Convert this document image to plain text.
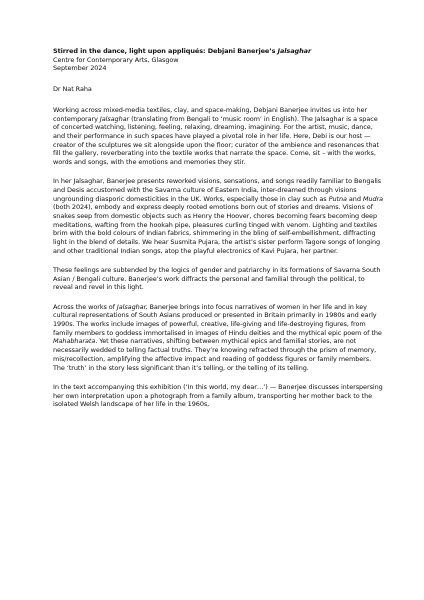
Stirred in the dance, light upon appliqués: Debjani Banerjee’s Jalsaghar
Centre for Contemporary Arts, Glasgow
September 2024
Dr Nat Raha

Working across mixed-media textiles, clay, and space-making, Debjani Banerjee invites us into her contemporary Jalsaghar (translating from Bengali to ‘music room’ in English). The Jalsaghar is a space of concerted watching, listening, feeling, relaxing, dreaming, imagining. For the artist, music, dance, and their performance in such spaces have played a pivotal role in her life. Here, Debi is our host — creator of the sculptures we sit alongside upon the floor; curator of the ambience and resonances that fill the gallery, reverberating into the textile works that narrate the space. Come, sit – with the works, words and songs, with the emotions and memories they stir.

In her Jalsaghar, Banerjee presents reworked visions, sensations, and songs readily familiar to Bengalis and Desis accustomed with the Savarna culture of Eastern India, inter-dreamed through visions ungrounding diasporic domesticities in the UK. Works, especially those in clay such as Putna and Mudra (both 2024), embody and express deeply rooted emotions born out of stories and dreams. Visions of snakes seep from domestic objects such as Henry the Hoover, chores becoming fears becoming deep meditations, wafting from the hookah pipe, pleasures curling tinged with venom. Lighting and textiles brim with the bold colours of Indian fabrics, shimmering in the bling of self-embellishment, diffracting light in the blend of details. We hear Susmita Pujara, the artist’s sister perform Tagore songs of longing and other traditional Indian songs, atop the playful electronics of Kavi Pujara, her partner.

These feelings are subtended by the logics of gender and patriarchy in its formations of Savarna South Asian / Bengali culture. Banerjee’s work diffracts the personal and familial through the political, to reveal and revel in this light.

Across the works of Jalsaghar, Banerjee brings into focus narratives of women in her life and in key cultural representations of South Asians produced or presented in Britain primarily in 1980s and early 1990s. The works include images of powerful, creative, life-giving and life-destroying figures, from family members to goddess immortalised in images of Hindu deities and the mythical epic poem of the Mahabharata. Yet these narratives, shifting between mythical epics and familial stories, are not necessarily wedded to telling factual truths. They’re knowing refracted through the prism of memory, mis/recollection, amplifying the affective impact and reading of goddess figures or family members. The ‘truth’ in the story less significant than it’s telling, or the telling of its telling.

In the text accompanying this exhibition (‘In this world, my dear…’) — Banerjee discusses interspersing her own interpretation upon a photograph from a family album, transporting her mother back to the isolated Welsh landscape of her life in the 1960s,
